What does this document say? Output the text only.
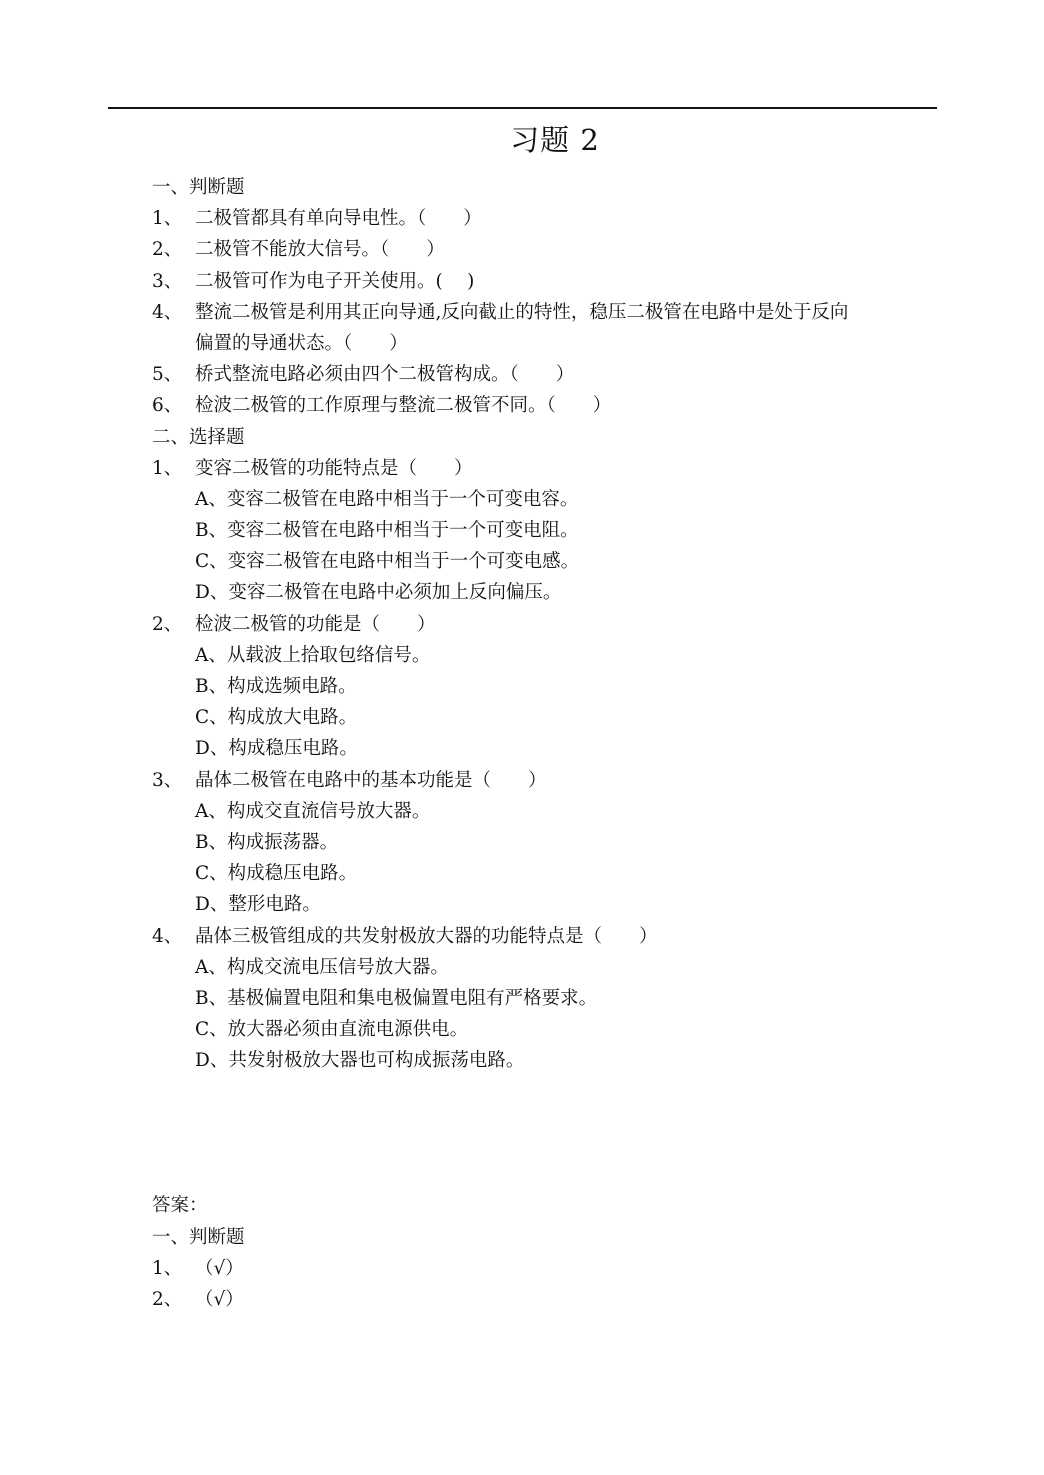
习题 2
一、判断题
1、 二极管都具有单向导电性。（　　）
2、 二极管不能放大信号。（　　）
3、 二极管可作为电子开关使用。(　 )
4、 整流二极管是利用其正向导通,反向截止的特性，稳压二极管在电路中是处于反向
偏置的导通状态。（　　）
5、 桥式整流电路必须由四个二极管构成。（　　）
6、 检波二极管的工作原理与整流二极管不同。（　　）
二、选择题
1、 变容二极管的功能特点是（　　）
A、变容二极管在电路中相当于一个可变电容。
B、变容二极管在电路中相当于一个可变电阻。
C、变容二极管在电路中相当于一个可变电感。
D、变容二极管在电路中必须加上反向偏压。
2、 检波二极管的功能是（　　）
A、从载波上拾取包络信号。
B、构成选频电路。
C、构成放大电路。
D、构成稳压电路。
3、 晶体二极管在电路中的基本功能是（　　）
A、构成交直流信号放大器。
B、构成振荡器。
C、构成稳压电路。
D、整形电路。
4、 晶体三极管组成的共发射极放大器的功能特点是（　　）
A、构成交流电压信号放大器。
B、基极偏置电阻和集电极偏置电阻有严格要求。
C、放大器必须由直流电源供电。
D、共发射极放大器也可构成振荡电路。
答案：
一、判断题
1、 （√）
2、 （√）
